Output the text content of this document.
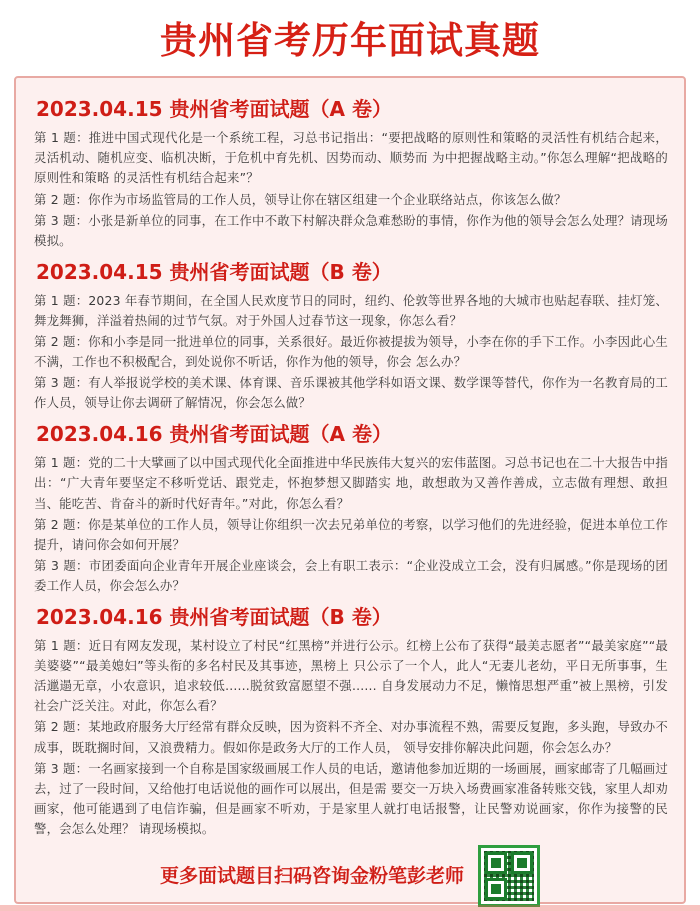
贵州省考历年面试真题
2023.04.15 贵州省考面试题（A 卷）

第 1 题：推进中国式现代化是一个系统工程，习总书记指出：“要把战略的原则性和策略的灵活性有机结合起来，灵活机动、随机应变、临机决断，于危机中育先机、因势而动、顺势而 为中把握战略主动。”你怎么理解“把战略的原则性和策略 的灵活性有机结合起来”？

第 2 题：你作为市场监管局的工作人员，领导让你在辖区组建一个企业联络站点，你该怎么做？

第 3 题：小张是新单位的同事，在工作中不敢下村解决群众急难愁盼的事情，你作为他的领导会怎么处理？请现场模拟。

2023.04.15 贵州省考面试题（B 卷）

第 1 题：2023 年春节期间，在全国人民欢度节日的同时，纽约、伦敦等世界各地的大城市也贴起春联、挂灯笼、舞龙舞狮，洋溢着热闹的过节气氛。对于外国人过春节这一现象，你怎么看？

第 2 题：你和小李是同一批进单位的同事，关系很好。最近你被提拔为领导，小李在你的手下工作。小李因此心生不满，工作也不积极配合，到处说你不听话，你作为他的领导，你会 怎么办？

第 3 题：有人举报说学校的美术课、体育课、音乐课被其他学科如语文课、数学课等替代，你作为一名教育局的工作人员，领导让你去调研了解情况，你会怎么做？

2023.04.16 贵州省考面试题（A 卷）

第 1 题：党的二十大擘画了以中国式现代化全面推进中华民族伟大复兴的宏伟蓝图。习总书记也在二十大报告中指出：“广大青年要坚定不移听党话、跟党走，怀抱梦想又脚踏实 地，敢想敢为又善作善成，立志做有理想、敢担当、能吃苦、肯奋斗的新时代好青年。”对此，你怎么看？

第 2 题：你是某单位的工作人员，领导让你组织一次去兄弟单位的考察，以学习他们的先进经验，促进本单位工作提升，请问你会如何开展？

第 3 题：市团委面向企业青年开展企业座谈会，会上有职工表示：“企业没成立工会，没有归属感。”你是现场的团委工作人员，你会怎么办？

2023.04.16 贵州省考面试题（B 卷）

第 1 题：近日有网友发现，某村设立了村民“红黑榜”并进行公示。红榜上公布了获得“最美志愿者”“最美家庭”“最美婆婆”“最美媳妇”等头衔的多名村民及其事迹，黑榜上 只公示了一个人，此人“无妻儿老幼，平日无所事事，生活邋遢无章，小农意识，追求较低......脱贫致富愿望不强...... 自身发展动力不足，懒惰思想严重”被上黑榜，引发社会广泛关注。对此，你怎么看？

第 2 题：某地政府服务大厅经常有群众反映，因为资料不齐全、对办事流程不熟，需要反复跑，多头跑，导致办不成事，既耽搁时间，又浪费精力。假如你是政务大厅的工作人员， 领导安排你解决此问题，你会怎么办？

第 3 题：一名画家接到一个自称是国家级画展工作人员的电话，邀请他参加近期的一场画展，画家邮寄了几幅画过去，过了一段时间，又给他打电话说他的画作可以展出，但是需 要交一万块入场费画家准备转账交钱，家里人却劝画家，他可能遇到了电信诈骗，但是画家不听劝，于是家里人就打电话报警，让民警劝说画家，你作为接警的民警，会怎么处理？ 请现场模拟。

更多面试题目扫码咨询金粉笔彭老师
